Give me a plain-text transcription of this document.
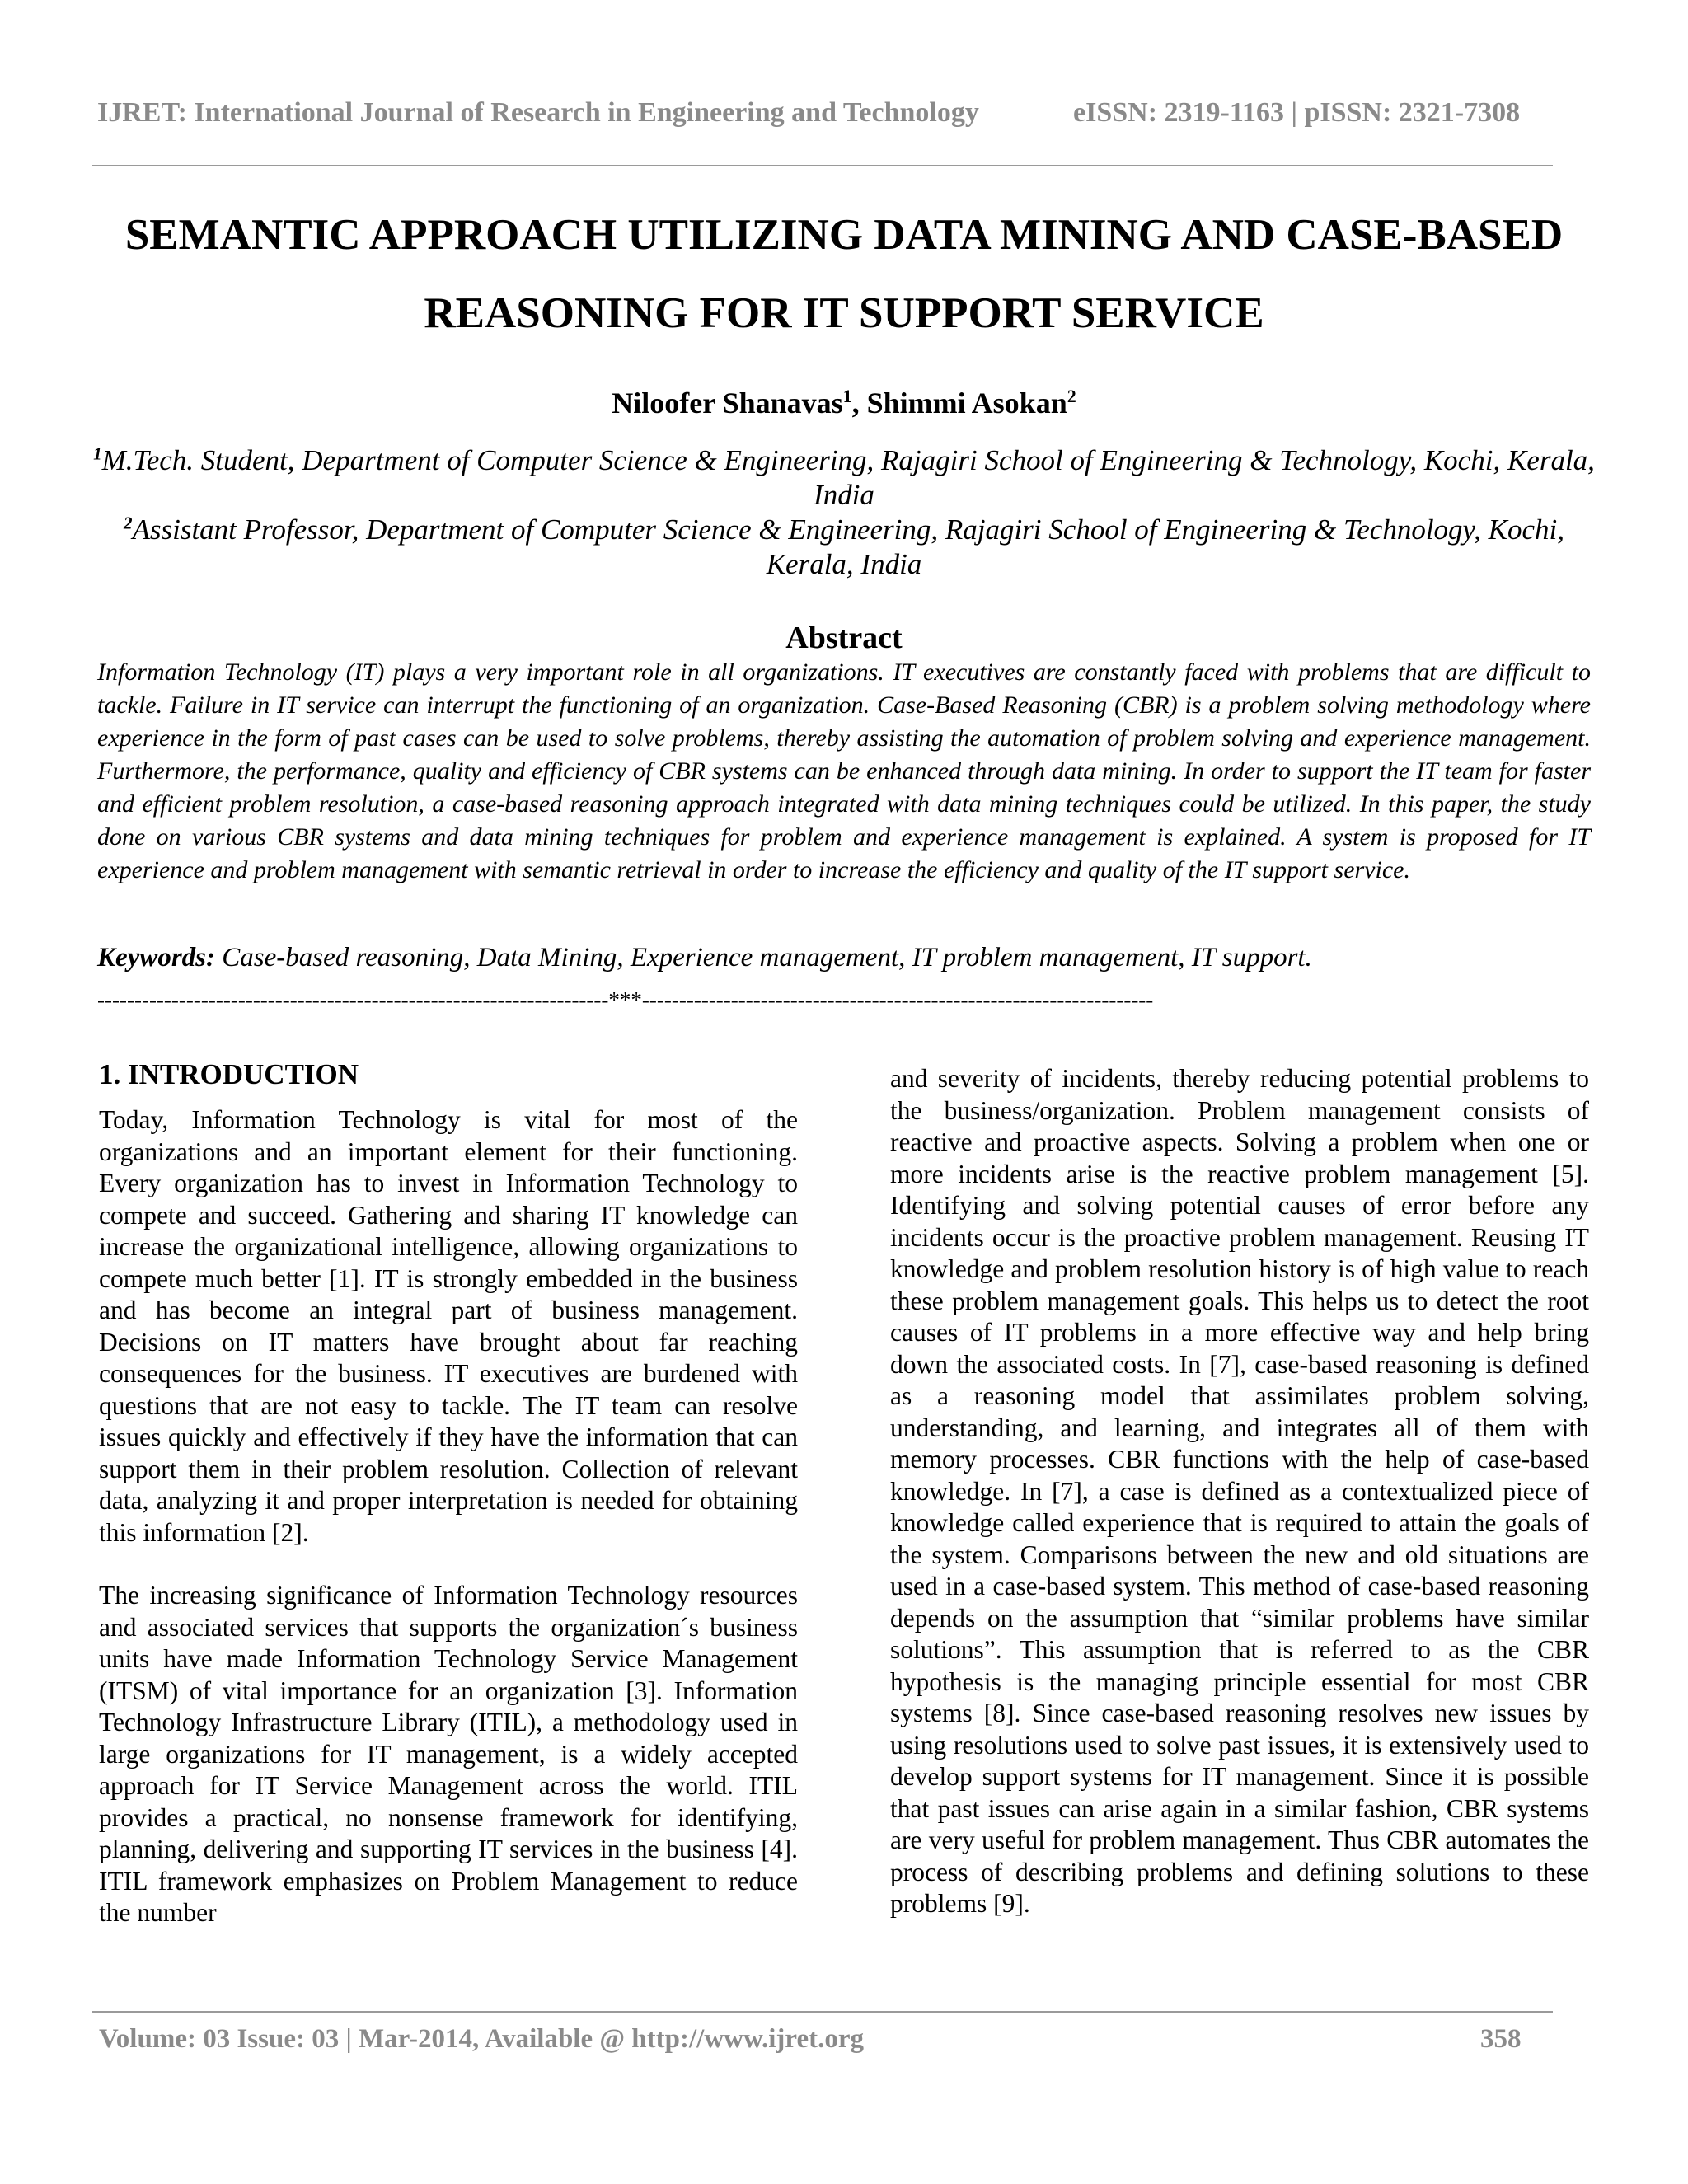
IJRET: International Journal of Research in Engineering and Technology	eISSN: 2319-1163 | pISSN: 2321-7308
SEMANTIC APPROACH UTILIZING DATA MINING AND CASE-BASED REASONING FOR IT SUPPORT SERVICE
Niloofer Shanavas$^1$, Shimmi Asokan$^2$
$^1$M.Tech. Student, Department of Computer Science & Engineering, Rajagiri School of Engineering & Technology, Kochi, Kerala, India
$^2$Assistant Professor, Department of Computer Science & Engineering, Rajagiri School of Engineering & Technology, Kochi, Kerala, India
Abstract

Information Technology (IT) plays a very important role in all organizations. IT executives are constantly faced with problems that are difficult to tackle. Failure in IT service can interrupt the functioning of an organization. Case-Based Reasoning (CBR) is a problem solving methodology where experience in the form of past cases can be used to solve problems, thereby assisting the automation of problem solving and experience management. Furthermore, the performance, quality and efficiency of CBR systems can be enhanced through data mining. In order to support the IT team for faster and efficient problem resolution, a case-based reasoning approach integrated with data mining techniques could be utilized. In this paper, the study done on various CBR systems and data mining techniques for problem and experience management is explained. A system is proposed for IT experience and problem management with semantic retrieval in order to increase the efficiency and quality of the IT support service.

Keywords: Case-based reasoning, Data Mining, Experience management, IT problem management, IT support.
---------------------------------------------------------------------***---------------------------------------------------------------------
1. INTRODUCTION

Today, Information Technology is vital for most of the organizations and an important element for their functioning. Every organization has to invest in Information Technology to compete and succeed. Gathering and sharing IT knowledge can increase the organizational intelligence, allowing organizations to compete much better [1]. IT is strongly embedded in the business and has become an integral part of business management. Decisions on IT matters have brought about far reaching consequences for the business. IT executives are burdened with questions that are not easy to tackle. The IT team can resolve issues quickly and effectively if they have the information that can support them in their problem resolution. Collection of relevant data, analyzing it and proper interpretation is needed for obtaining this information [2].

The increasing significance of Information Technology resources and associated services that supports the organization´s business units have made Information Technology Service Management (ITSM) of vital importance for an organization [3]. Information Technology Infrastructure Library (ITIL), a methodology used in large organizations for IT management, is a widely accepted approach for IT Service Management across the world. ITIL provides a practical, no nonsense framework for identifying, planning, delivering and supporting IT services in the business [4]. ITIL framework emphasizes on Problem Management to reduce the number

and severity of incidents, thereby reducing potential problems to the business/organization. Problem management consists of reactive and proactive aspects. Solving a problem when one or more incidents arise is the reactive problem management [5]. Identifying and solving potential causes of error before any incidents occur is the proactive problem management. Reusing IT knowledge and problem resolution history is of high value to reach these problem management goals. This helps us to detect the root causes of IT problems in a more effective way and help bring down the associated costs. In [7], case-based reasoning is defined as a reasoning model that assimilates problem solving, understanding, and learning, and integrates all of them with memory processes. CBR functions with the help of case-based knowledge. In [7], a case is defined as a contextualized piece of knowledge called experience that is required to attain the goals of the system. Comparisons between the new and old situations are used in a case-based system. This method of case-based reasoning depends on the assumption that “similar problems have similar solutions”. This assumption that is referred to as the CBR hypothesis is the managing principle essential for most CBR systems [8]. Since case-based reasoning resolves new issues by using resolutions used to solve past issues, it is extensively used to develop support systems for IT management. Since it is possible that past issues can arise again in a similar fashion, CBR systems are very useful for problem management. Thus CBR automates the process of describing problems and defining solutions to these problems [9].

Volume: 03 Issue: 03 | Mar-2014, Available @ http://www.ijret.org	358
